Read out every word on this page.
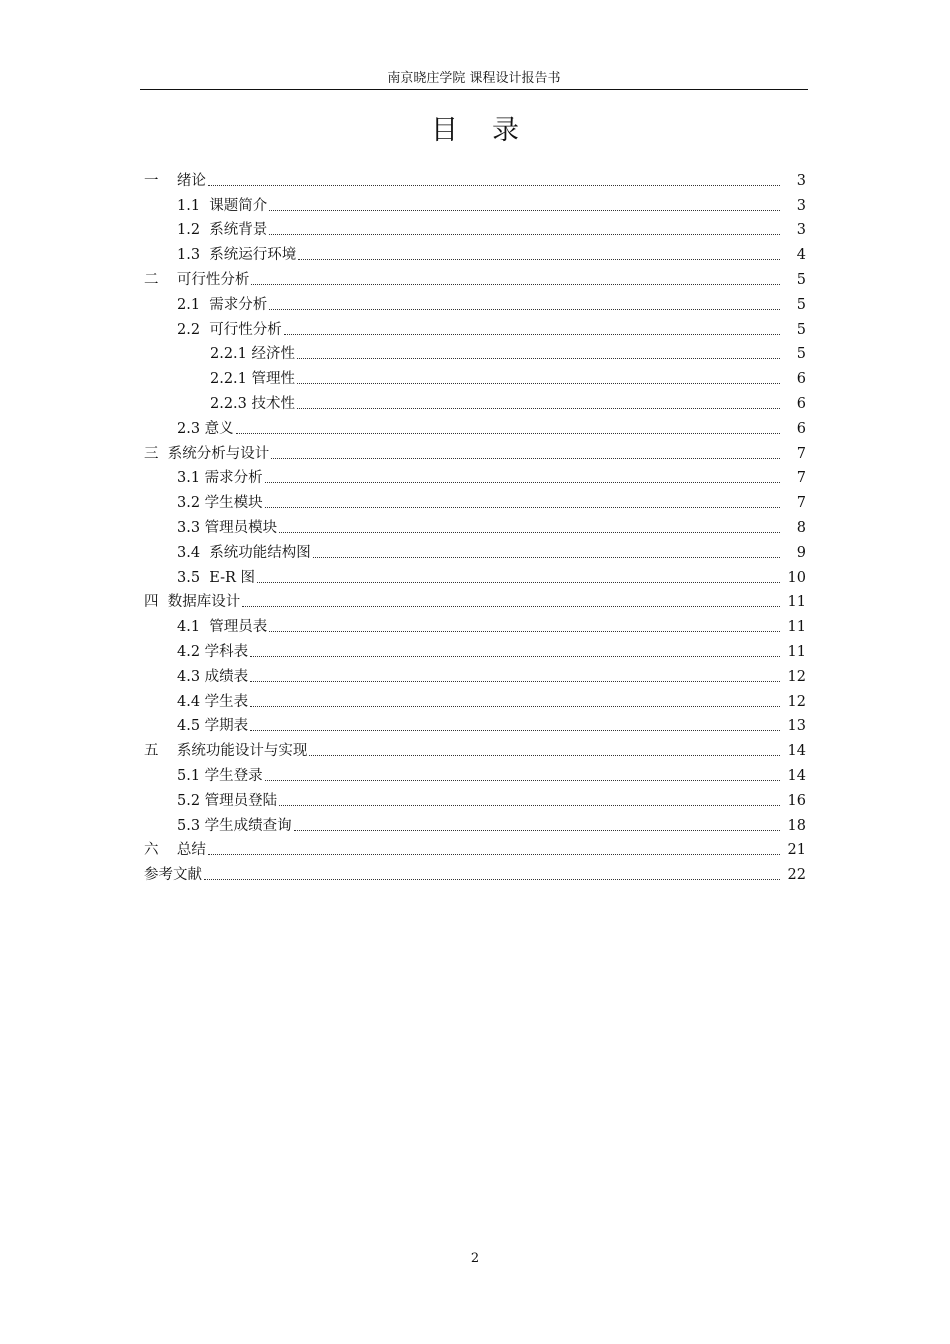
南京晓庄学院 课程设计报告书
目录
一    绪论	3
1.1  课题简介	3
1.2  系统背景	3
1.3  系统运行环境	4
二    可行性分析	5
2.1  需求分析	5
2.2  可行性分析	5
2.2.1 经济性	5
2.2.1 管理性	6
2.2.3 技术性	6
2.3 意义	6
三  系统分析与设计	7
3.1 需求分析	7
3.2 学生模块	7
3.3 管理员模块	8
3.4  系统功能结构图	9
3.5  E-R 图	10
四  数据库设计	11
4.1  管理员表	11
4.2 学科表	11
4.3 成绩表	12
4.4 学生表	12
4.5 学期表	13
五    系统功能设计与实现	14
5.1 学生登录	14
5.2 管理员登陆	16
5.3 学生成绩查询	18
六    总结	21
参考文献	22
2
